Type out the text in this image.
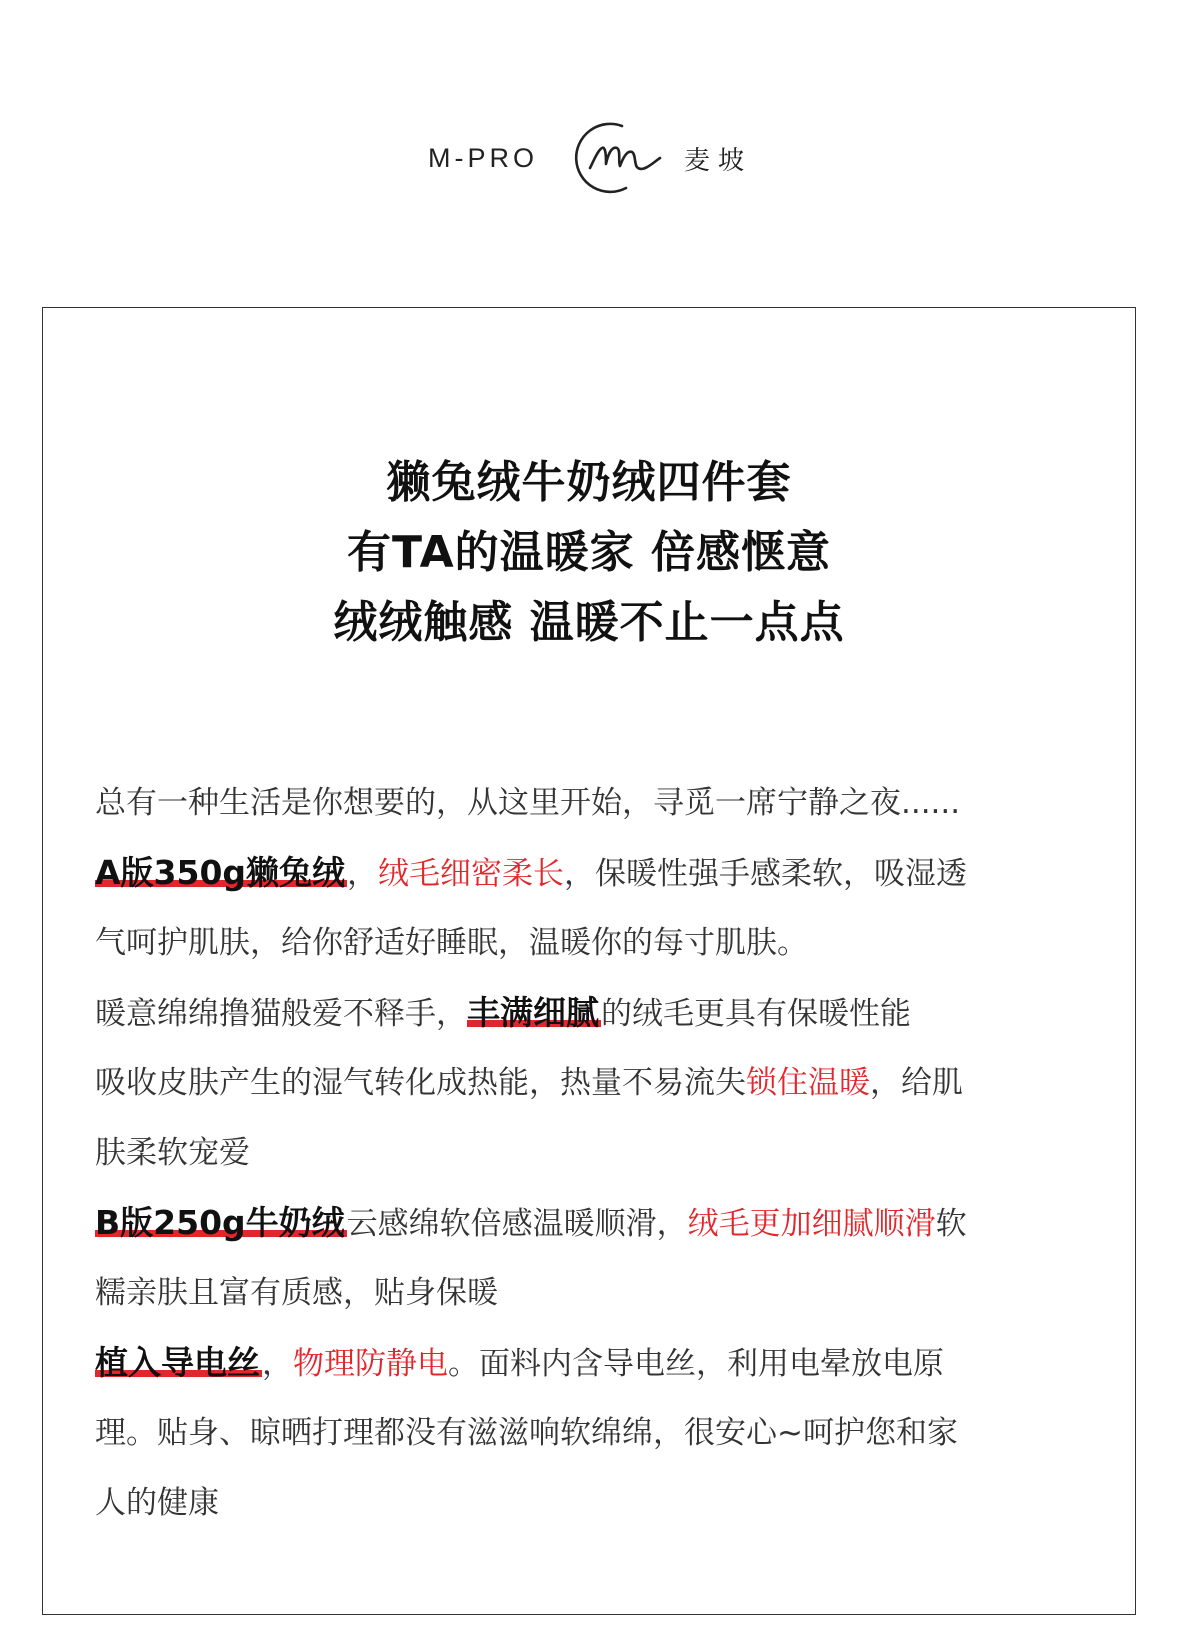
M-PRO	麦坡
獭兔绒牛奶绒四件套
有TA的温暖家 倍感惬意
绒绒触感 温暖不止一点点
总有一种生活是你想要的，从这里开始，寻觅一席宁静之夜......
A版350g獭兔绒，绒毛细密柔长，保暖性强手感柔软，吸湿透
气呵护肌肤，给你舒适好睡眠，温暖你的每寸肌肤。
暖意绵绵撸猫般爱不释手，丰满细腻的绒毛更具有保暖性能
吸收皮肤产生的湿气转化成热能，热量不易流失锁住温暖，给肌
肤柔软宠爱
B版250g牛奶绒云感绵软倍感温暖顺滑，绒毛更加细腻顺滑软
糯亲肤且富有质感，贴身保暖
植入导电丝，物理防静电。面料内含导电丝，利用电晕放电原
理。贴身、晾晒打理都没有滋滋响软绵绵，很安心~呵护您和家
人的健康
